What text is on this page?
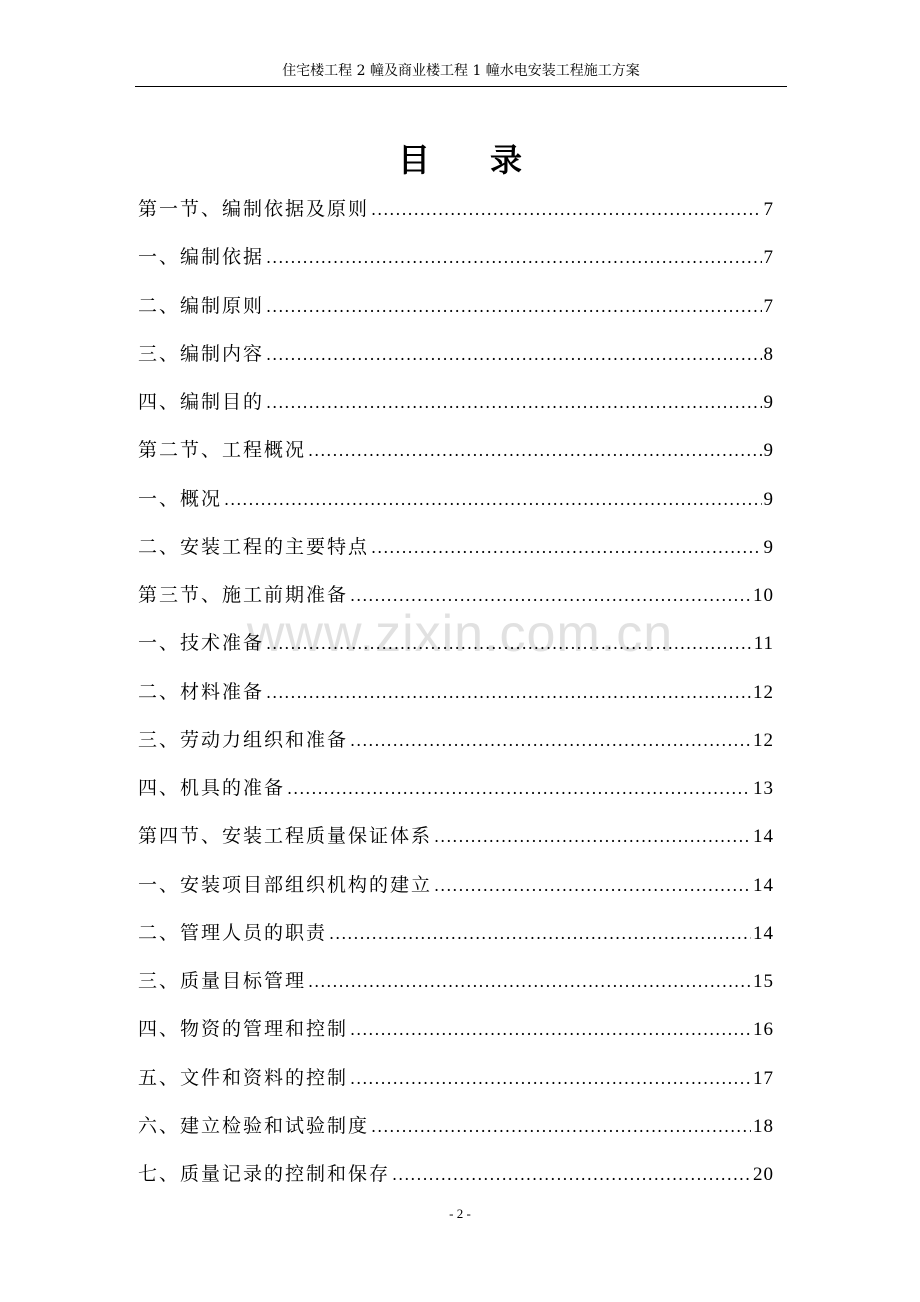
住宅楼工程 2 幢及商业楼工程 1 幢水电安装工程施工方案
目录
www.zixin.com.cn
第一节、编制依据及原则 .....	7
一、编制依据 .....	7
二、编制原则 .....	7
三、编制内容 .....	8
四、编制目的 .....	9
第二节、工程概况 .....	9
一、概况 .....	9
二、安装工程的主要特点 .....	9
第三节、施工前期准备 .....	10
一、技术准备 .....	11
二、材料准备 .....	12
三、劳动力组织和准备 .....	12
四、机具的准备 .....	13
第四节、安装工程质量保证体系 .....	14
一、安装项目部组织机构的建立 .....	14
二、管理人员的职责 .....	14
三、质量目标管理 .....	15
四、物资的管理和控制 .....	16
五、文件和资料的控制 .....	17
六、建立检验和试验制度 .....	18
七、质量记录的控制和保存 .....	20
- 2 -
